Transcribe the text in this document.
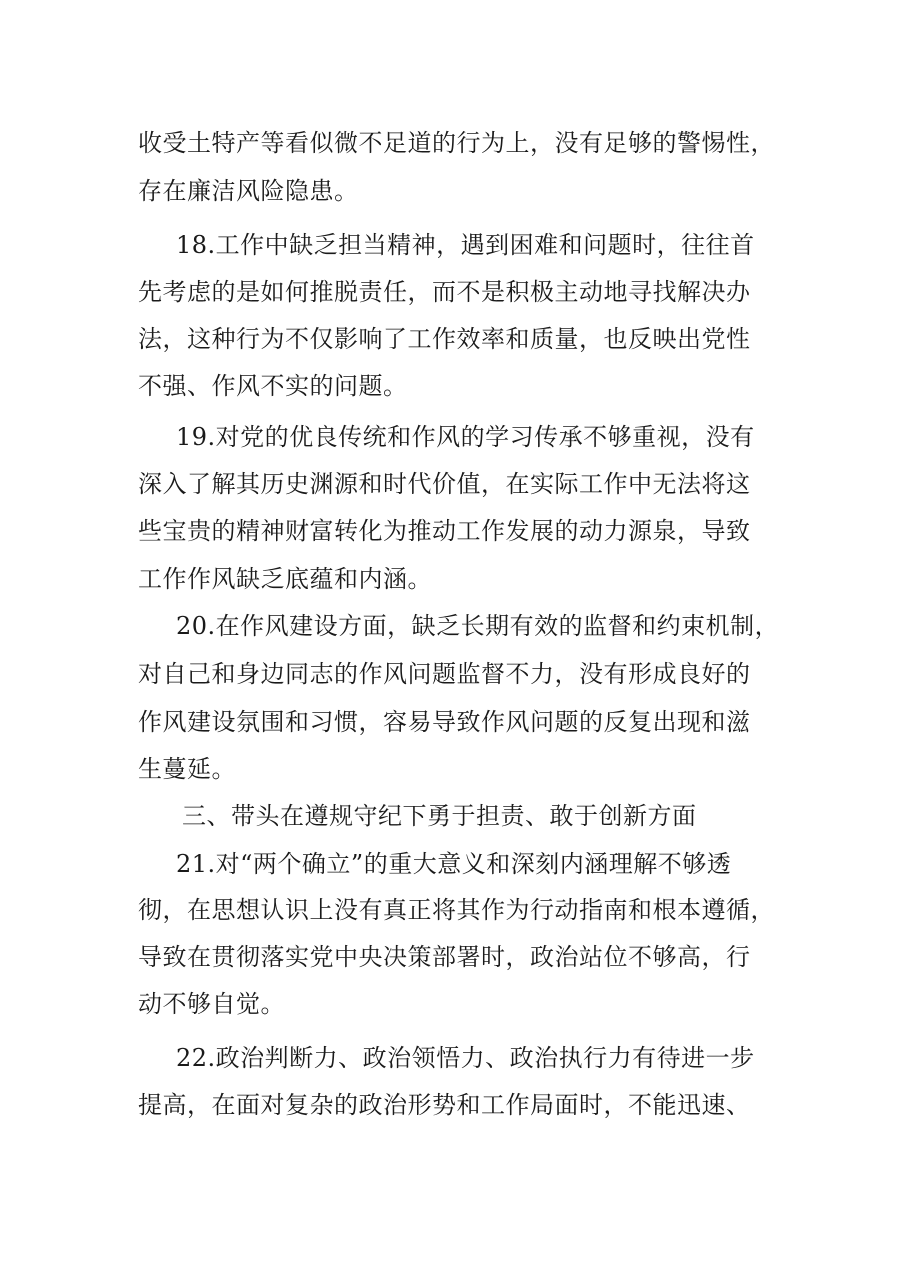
收受土特产等看似微不足道的行为上，没有足够的警惕性，
存在廉洁风险隐患。
18.工作中缺乏担当精神，遇到困难和问题时，往往首
先考虑的是如何推脱责任，而不是积极主动地寻找解决办
法，这种行为不仅影响了工作效率和质量，也反映出党性
不强、作风不实的问题。
19.对党的优良传统和作风的学习传承不够重视，没有
深入了解其历史渊源和时代价值，在实际工作中无法将这
些宝贵的精神财富转化为推动工作发展的动力源泉，导致
工作作风缺乏底蕴和内涵。
20.在作风建设方面，缺乏长期有效的监督和约束机制，
对自己和身边同志的作风问题监督不力，没有形成良好的
作风建设氛围和习惯，容易导致作风问题的反复出现和滋
生蔓延。
三、带头在遵规守纪下勇于担责、敢于创新方面
21.对“两个确立”的重大意义和深刻内涵理解不够透
彻，在思想认识上没有真正将其作为行动指南和根本遵循，
导致在贯彻落实党中央决策部署时，政治站位不够高，行
动不够自觉。
22.政治判断力、政治领悟力、政治执行力有待进一步
提高，在面对复杂的政治形势和工作局面时，不能迅速、
